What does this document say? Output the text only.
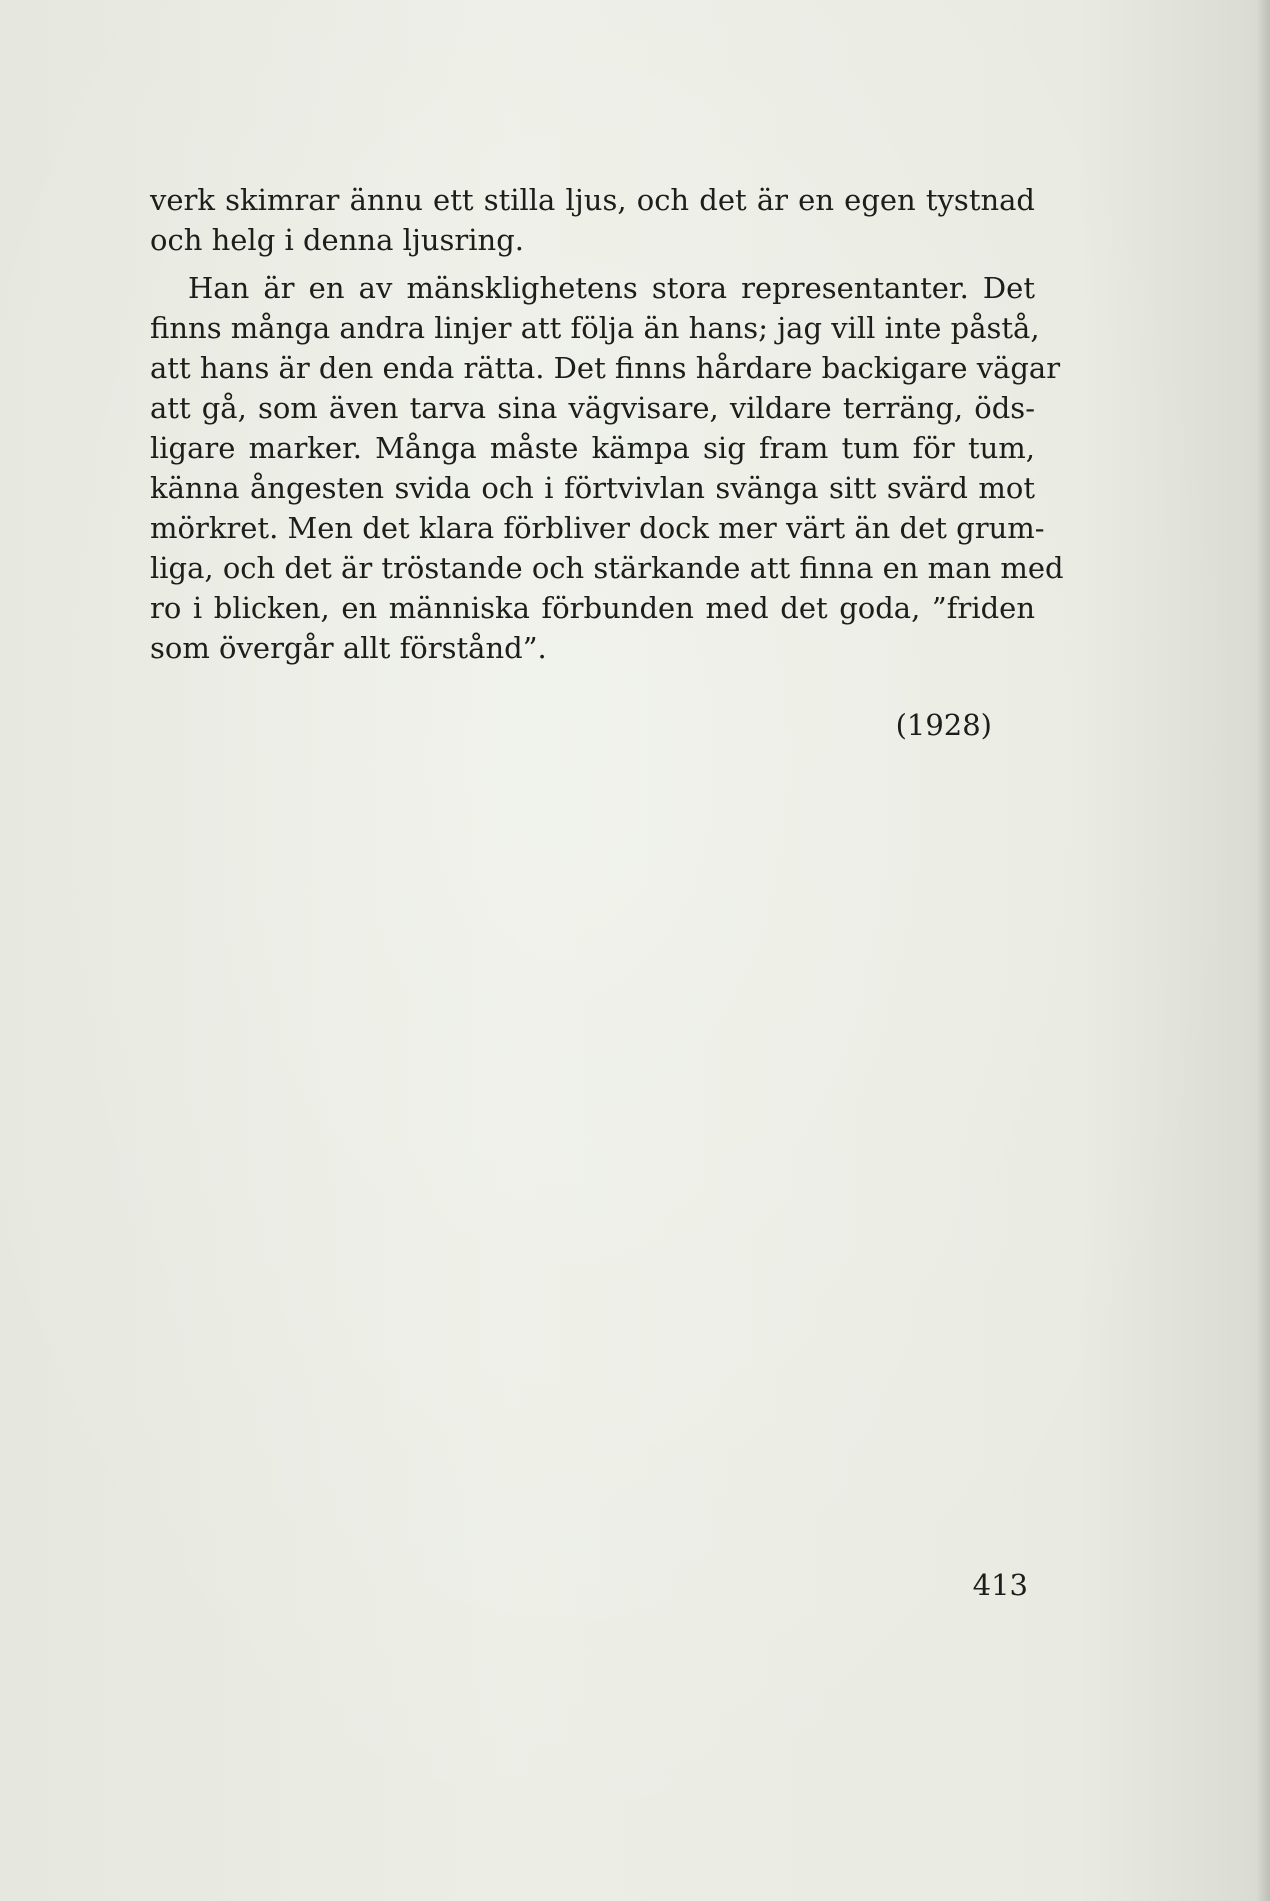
verk skimrar ännu ett stilla ljus, och det är en egen tystnad
och helg i denna ljusring.
Han är en av mänsklighetens stora representanter. Det
finns många andra linjer att följa än hans; jag vill inte påstå,
att hans är den enda rätta. Det finns hårdare backigare vägar
att gå, som även tarva sina vägvisare, vildare terräng, öds-
ligare marker. Många måste kämpa sig fram tum för tum,
känna ångesten svida och i förtvivlan svänga sitt svärd mot
mörkret. Men det klara förbliver dock mer värt än det grum-
liga, och det är tröstande och stärkande att finna en man med
ro i blicken, en människa förbunden med det goda, ”friden
som övergår allt förstånd”.
(1928)
413
